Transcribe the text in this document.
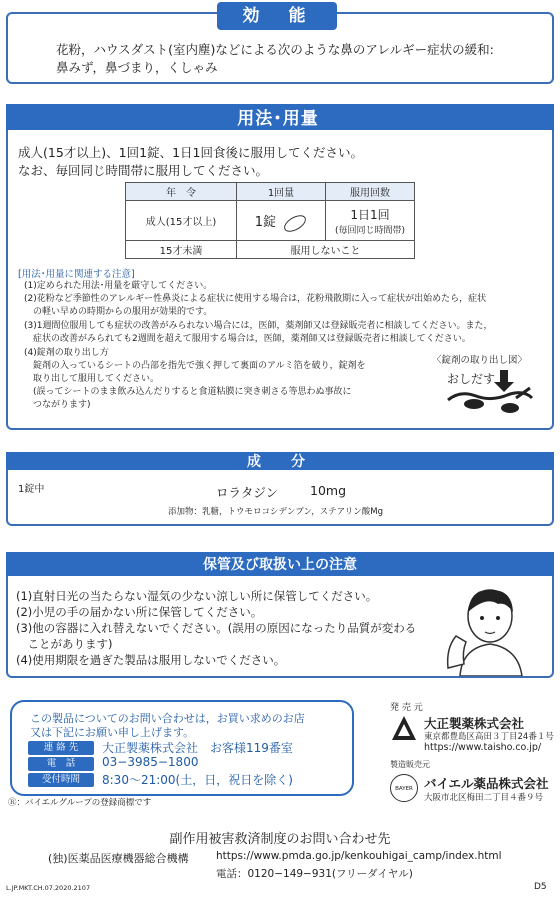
効　能
花粉，ハウスダスト(室内塵)などによる次のような鼻のアレルギー症状の緩和:
鼻みず，鼻づまり，くしゃみ
用法･用量
成人(15才以上)、1回1錠、1日1回食後に服用してください。
なお、毎回同じ時間帯に服用してください。
年　令	1回量	服用回数
成人(15才以上)	1錠	1日1回
(毎回同じ時間帯)

15才未満	服用しないこと	
[用法･用量に関連する注意]
(1)定められた用法･用量を厳守してください。
(2)花粉など季節性のアレルギー性鼻炎による症状に使用する場合は，花粉飛散期に入って症状が出始めたら，症状
　の軽い早めの時期からの服用が効果的です。
(3)1週間位服用しても症状の改善がみられない場合には，医師，薬剤師又は登録販売者に相談してください。また，
　症状の改善がみられても2週間を超えて服用する場合は，医師，薬剤師又は登録販売者に相談してください。
(4)錠剤の取り出し方
　錠剤の入っているシートの凸部を指先で強く押して裏面のアルミ箔を破り，錠剤を
　取り出して服用してください。
　(誤ってシートのまま飲み込んだりすると食道粘膜に突き刺さる等思わぬ事故に
　つながります)
〈錠剤の取り出し図〉
おしだす
成　分
1錠中	ロラタジン	10mg
添加物：乳糖，トウモロコシデンプン，ステアリン酸Mg
保管及び取扱い上の注意
(1)直射日光の当たらない湿気の少ない涼しい所に保管してください。
(2)小児の手の届かない所に保管してください。
(3)他の容器に入れ替えないでください。(誤用の原因になったり品質が変わる
　ことがあります)
(4)使用期限を過ぎた製品は服用しないでください。
この製品についてのお問い合わせは，お買い求めのお店
又は下記にお願い申し上げます。
連 絡 先	大正製薬株式会社　お客様119番室
電　話	03−3985−1800
受付時間	8:30〜21:00(土，日，祝日を除く)
発 売 元
大正製薬株式会社
東京都豊島区高田３丁目24番１号
https://www.taisho.co.jp/
製造販売元
BAYER バイエル薬品株式会社
大阪市北区梅田二丁目４番９号
Ⓡ：バイエルグループの登録商標です
副作用被害救済制度のお問い合わせ先
(独)医薬品医療機器総合機構	https://www.pmda.go.jp/kenkouhigai_camp/index.html
電話：0120−149−931(フリーダイヤル)
L.JP.MKT.CH.07.2020.2107	D5
